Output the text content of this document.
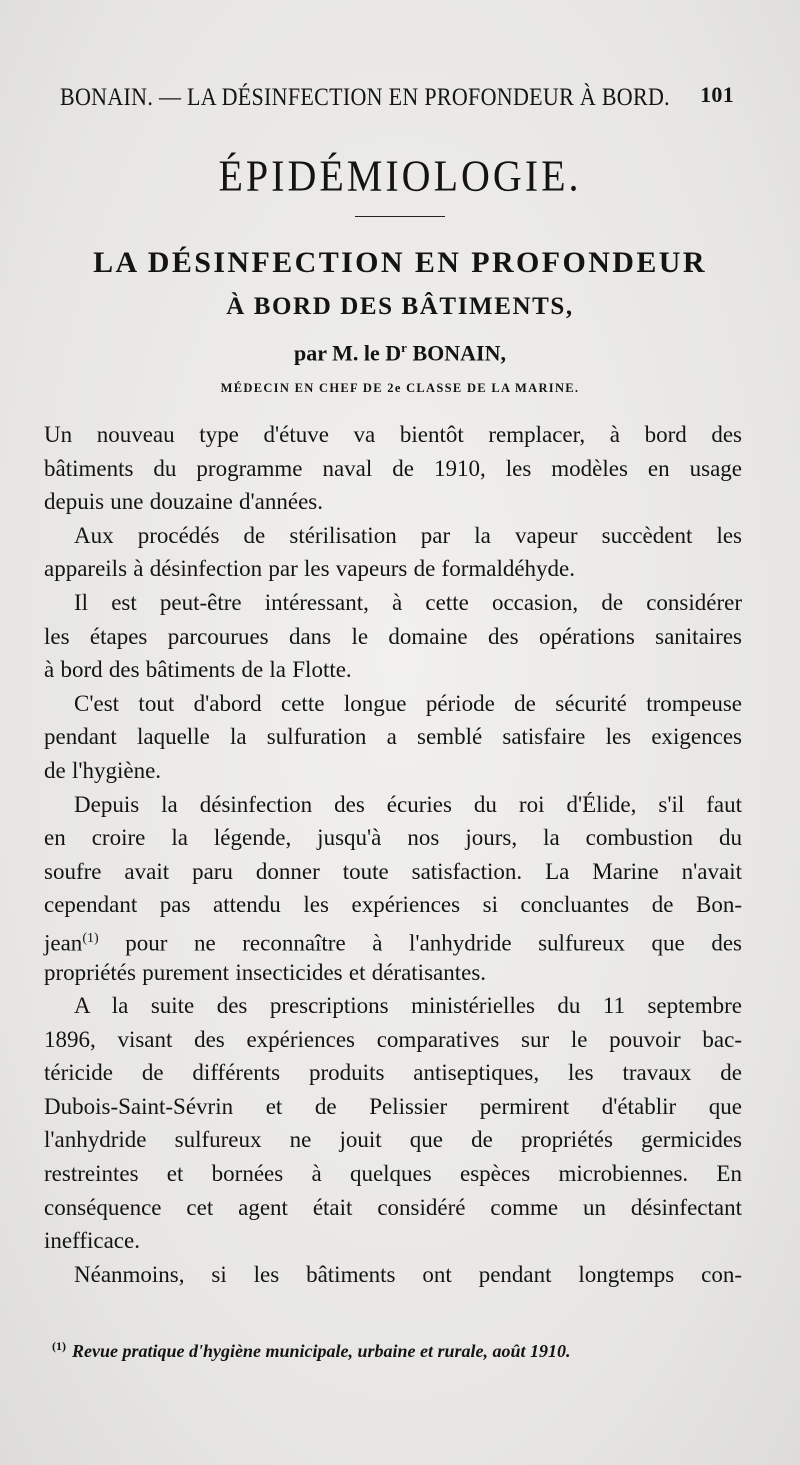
BONAIN. — LA DÉSINFECTION EN PROFONDEUR À BORD. 101
ÉPIDÉMIOLOGIE.
LA DÉSINFECTION EN PROFONDEUR
À BORD DES BÂTIMENTS,
par M. le $D^r$ BONAIN,
MÉDECIN EN CHEF DE 2e CLASSE DE LA MARINE.
Un nouveau type d'étuve va bientôt remplacer, à bord des
bâtiments du programme naval de 1910, les modèles en usage
depuis une douzaine d'années.
Aux procédés de stérilisation par la vapeur succèdent les
appareils à désinfection par les vapeurs de formaldéhyde.
Il est peut-être intéressant, à cette occasion, de considérer
les étapes parcourues dans le domaine des opérations sanitaires
à bord des bâtiments de la Flotte.
C'est tout d'abord cette longue période de sécurité trompeuse
pendant laquelle la sulfuration a semblé satisfaire les exigences
de l'hygiène.
Depuis la désinfection des écuries du roi d'Élide, s'il faut
en croire la légende, jusqu'à nos jours, la combustion du
soufre avait paru donner toute satisfaction. La Marine n'avait
cependant pas attendu les expériences si concluantes de Bon-
jean$^{(1)}$ pour ne reconnaître à l'anhydride sulfureux que des
propriétés purement insecticides et dératisantes.
A la suite des prescriptions ministérielles du 11 septembre
1896, visant des expériences comparatives sur le pouvoir bac-
téricide de différents produits antiseptiques, les travaux de
Dubois-Saint-Sévrin et de Pelissier permirent d'établir que
l'anhydride sulfureux ne jouit que de propriétés germicides
restreintes et bornées à quelques espèces microbiennes. En
conséquence cet agent était considéré comme un désinfectant
inefficace.
Néanmoins, si les bâtiments ont pendant longtemps con-
$^{(1)}$ Revue pratique d'hygiène municipale, urbaine et rurale, août 1910.
